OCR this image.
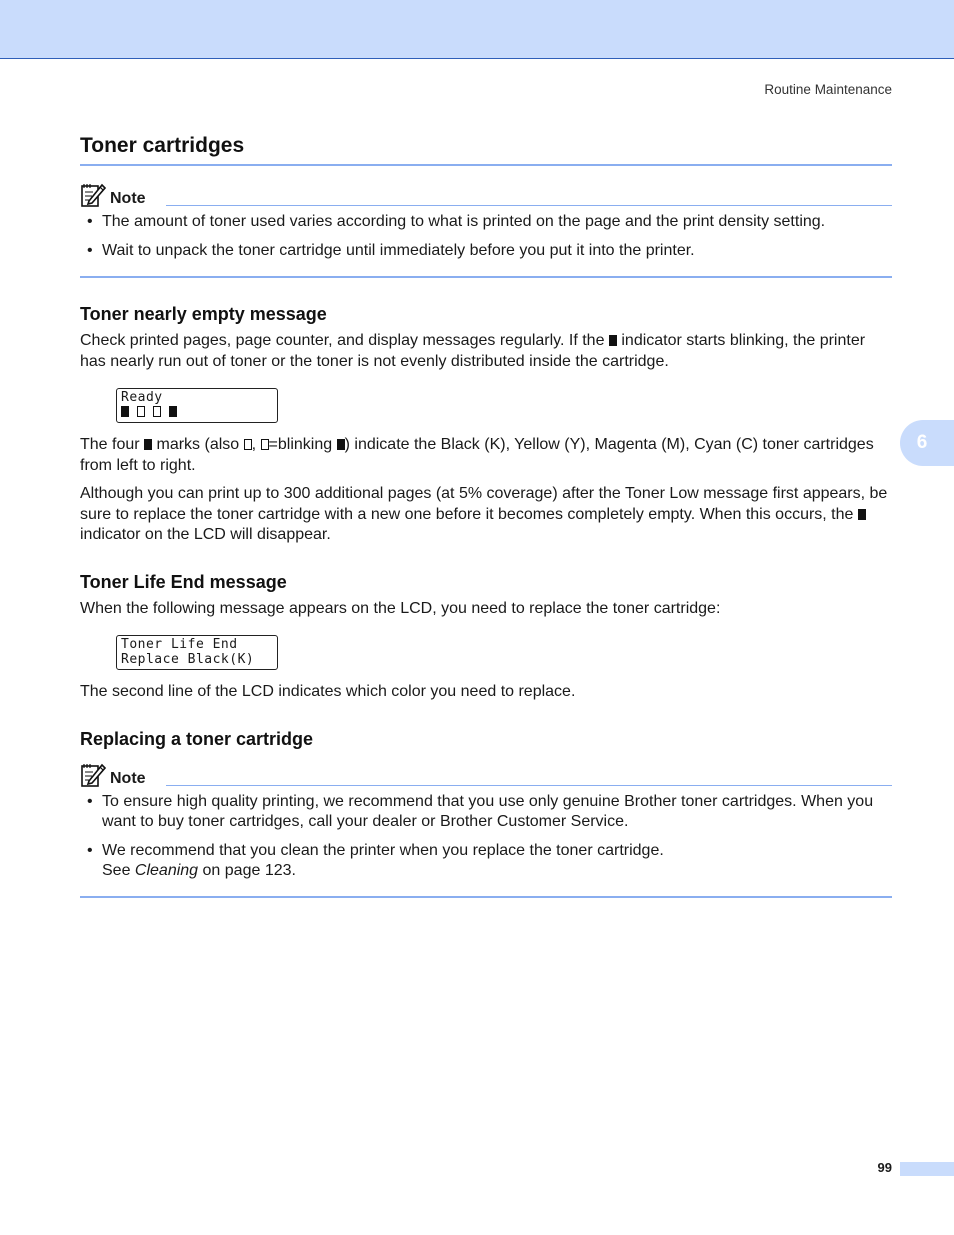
Routine Maintenance
6
Toner cartridges
Note
• The amount of toner used varies according to what is printed on the page and the print density setting.
• Wait to unpack the toner cartridge until immediately before you put it into the printer.
Toner nearly empty message

Check printed pages, page counter, and display messages regularly. If the indicator starts blinking, the printer has nearly run out of toner or the toner is not evenly distributed inside the cartridge.

Ready

The four marks (also , =blinking ) indicate the Black (K), Yellow (Y), Magenta (M), Cyan (C) toner cartridges from left to right.

Although you can print up to 300 additional pages (at 5% coverage) after the Toner Low message first appears, be sure to replace the toner cartridge with a new one before it becomes completely empty. When this occurs, the  indicator on the LCD will disappear.

Toner Life End message

When the following message appears on the LCD, you need to replace the toner cartridge:

Toner Life End
Replace Black(K)

The second line of the LCD indicates which color you need to replace.

Replacing a toner cartridge
Note
• To ensure high quality printing, we recommend that you use only genuine Brother toner cartridges. When you want to buy toner cartridges, call your dealer or Brother Customer Service.
• We recommend that you clean the printer when you replace the toner cartridge.
See Cleaning on page 123.
99
